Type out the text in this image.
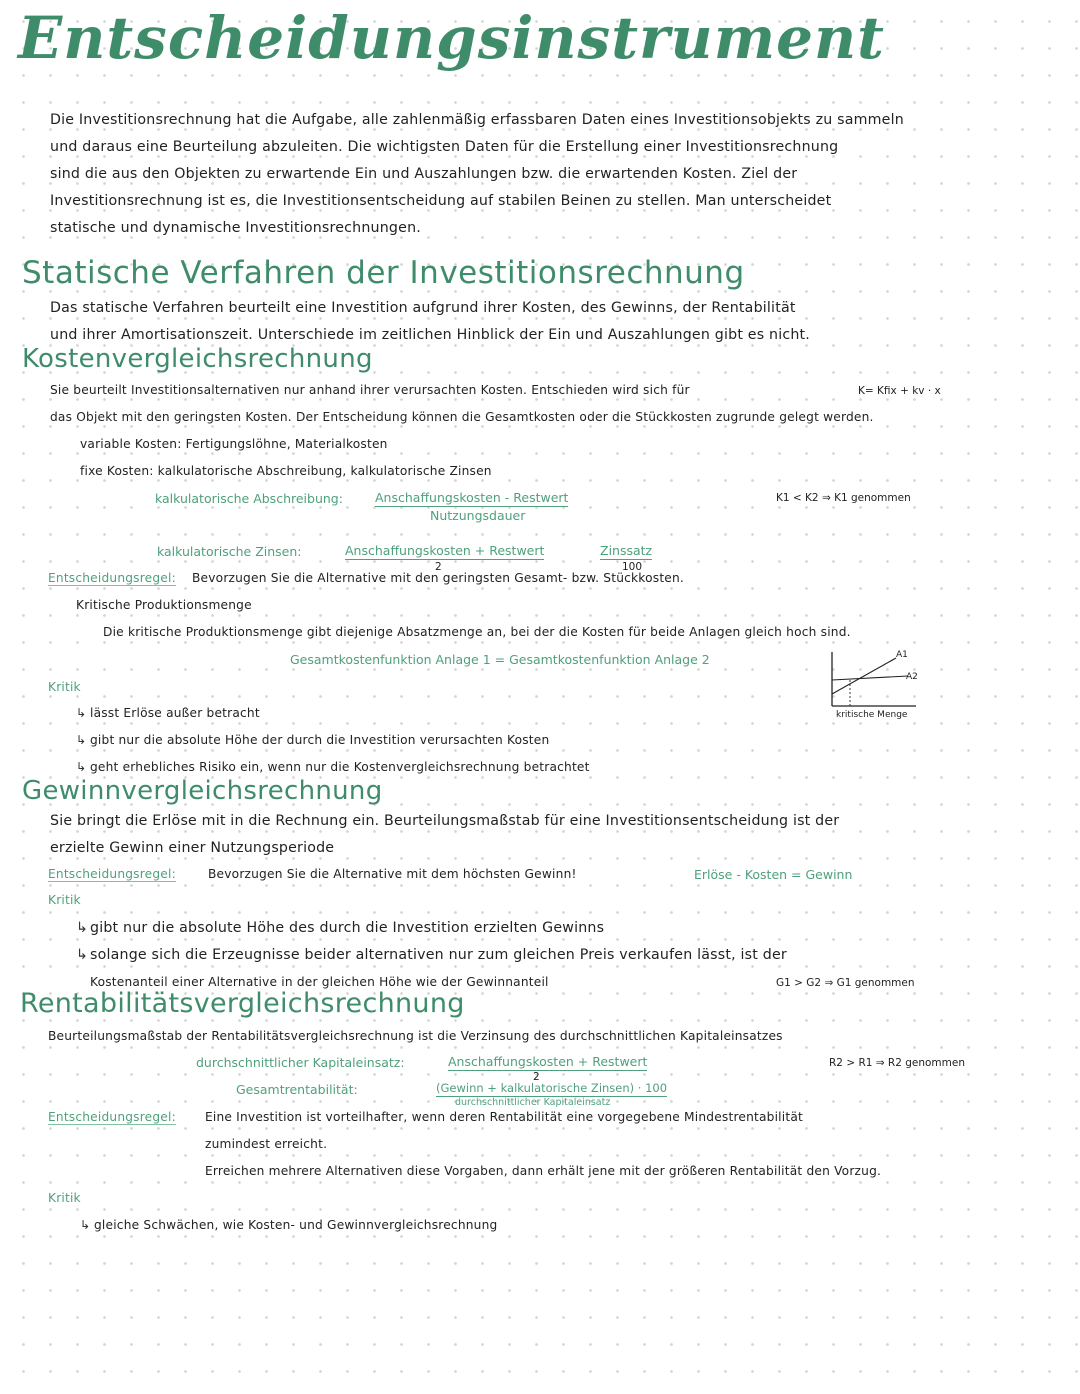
Entscheidungsinstrument
Die Investitionsrechnung hat die Aufgabe, alle zahlenmäßig erfassbaren Daten eines Investitionsobjekts zu sammeln
und daraus eine Beurteilung abzuleiten. Die wichtigsten Daten für die Erstellung einer Investitionsrechnung
sind die aus den Objekten zu erwartende Ein und Auszahlungen bzw. die erwartenden Kosten. Ziel der
Investitionsrechnung ist es, die Investitionsentscheidung auf stabilen Beinen zu stellen. Man unterscheidet
statische und dynamische Investitionsrechnungen.
Statische Verfahren der Investitionsrechnung
Das statische Verfahren beurteilt eine Investition aufgrund ihrer Kosten, des Gewinns, der Rentabilität
und ihrer Amortisationszeit. Unterschiede im zeitlichen Hinblick der Ein und Auszahlungen gibt es nicht.
Kostenvergleichsrechnung
Sie beurteilt Investitionsalternativen nur anhand ihrer verursachten Kosten. Entschieden wird sich für	K= Kfix + kv · x
das Objekt mit den geringsten Kosten. Der Entscheidung können die Gesamtkosten oder die Stückkosten zugrunde gelegt werden.
variable Kosten: Fertigungslöhne, Materialkosten
fixe Kosten: kalkulatorische Abschreibung, kalkulatorische Zinsen
kalkulatorische Abschreibung:	Anschaffungskosten - Restwert
Nutzungsdauer
K1 < K2 ⇒ K1 genommen
kalkulatorische Zinsen:	Anschaffungskosten + Restwert
2
Zinssatz
100
Entscheidungsregel: Bevorzugen Sie die Alternative mit den geringsten Gesamt- bzw. Stückkosten.
Kritische Produktionsmenge
Die kritische Produktionsmenge gibt diejenige Absatzmenge an, bei der die Kosten für beide Anlagen gleich hoch sind.
Gesamtkostenfunktion Anlage 1 = Gesamtkostenfunktion Anlage 2	A1
A2
kritische Menge
Kritik
↳ lässt Erlöse außer betracht
↳ gibt nur die absolute Höhe der durch die Investition verursachten Kosten
↳ geht erhebliches Risiko ein, wenn nur die Kostenvergleichsrechnung betrachtet
Gewinnvergleichsrechnung
Sie bringt die Erlöse mit in die Rechnung ein. Beurteilungsmaßstab für eine Investitionsentscheidung ist der
erzielte Gewinn einer Nutzungsperiode
Entscheidungsregel:	Bevorzugen Sie die Alternative mit dem höchsten Gewinn!	Erlöse - Kosten = Gewinn
Kritik
↳ gibt nur die absolute Höhe des durch die Investition erzielten Gewinns
↳ solange sich die Erzeugnisse beider alternativen nur zum gleichen Preis verkaufen lässt, ist der
Kostenanteil einer Alternative in der gleichen Höhe wie der Gewinnanteil	G1 > G2 ⇒ G1 genommen
Rentabilitätsvergleichsrechnung
Beurteilungsmaßstab der Rentabilitätsvergleichsrechnung ist die Verzinsung des durchschnittlichen Kapitaleinsatzes
durchschnittlicher Kapitaleinsatz:	Anschaffungskosten + Restwert
2
R2 > R1 ⇒ R2 genommen
Gesamtrentabilität:	(Gewinn + kalkulatorische Zinsen) · 100
durchschnittlicher Kapitaleinsatz
Entscheidungsregel: Eine Investition ist vorteilhafter, wenn deren Rentabilität eine vorgegebene Mindestrentabilität
zumindest erreicht.
Erreichen mehrere Alternativen diese Vorgaben, dann erhält jene mit der größeren Rentabilität den Vorzug.
Kritik
↳ gleiche Schwächen, wie Kosten- und Gewinnvergleichsrechnung
